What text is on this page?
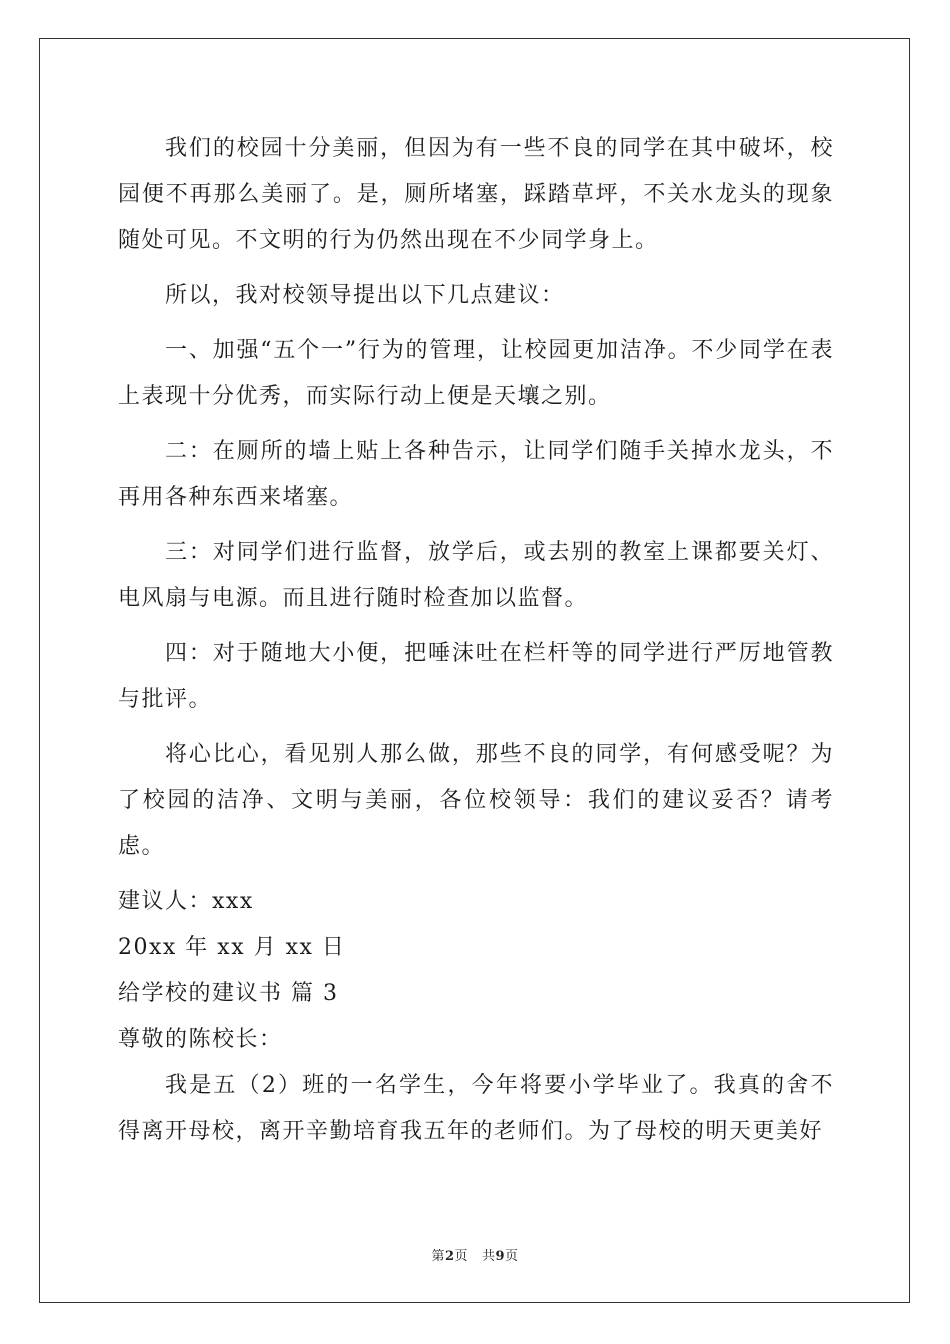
我们的校园十分美丽，但因为有一些不良的同学在其中破坏，校园便不再那么美丽了。是，厕所堵塞，踩踏草坪，不关水龙头的现象随处可见。不文明的行为仍然出现在不少同学身上。

所以，我对校领导提出以下几点建议：

一、加强“五个一”行为的管理，让校园更加洁净。不少同学在表上表现十分优秀，而实际行动上便是天壤之别。

二：在厕所的墙上贴上各种告示，让同学们随手关掉水龙头，不再用各种东西来堵塞。

三：对同学们进行监督，放学后，或去别的教室上课都要关灯、电风扇与电源。而且进行随时检查加以监督。

四：对于随地大小便，把唾沫吐在栏杆等的同学进行严厉地管教与批评。

将心比心，看见别人那么做，那些不良的同学，有何感受呢？为了校园的洁净、文明与美丽，各位校领导：我们的建议妥否？请考虑。

建议人：xxx

20xx 年 xx 月 xx 日

给学校的建议书 篇 3

尊敬的陈校长：

我是五（2）班的一名学生，今年将要小学毕业了。我真的舍不得离开母校，离开辛勤培育我五年的老师们。为了母校的明天更美好

第2页 共9页
